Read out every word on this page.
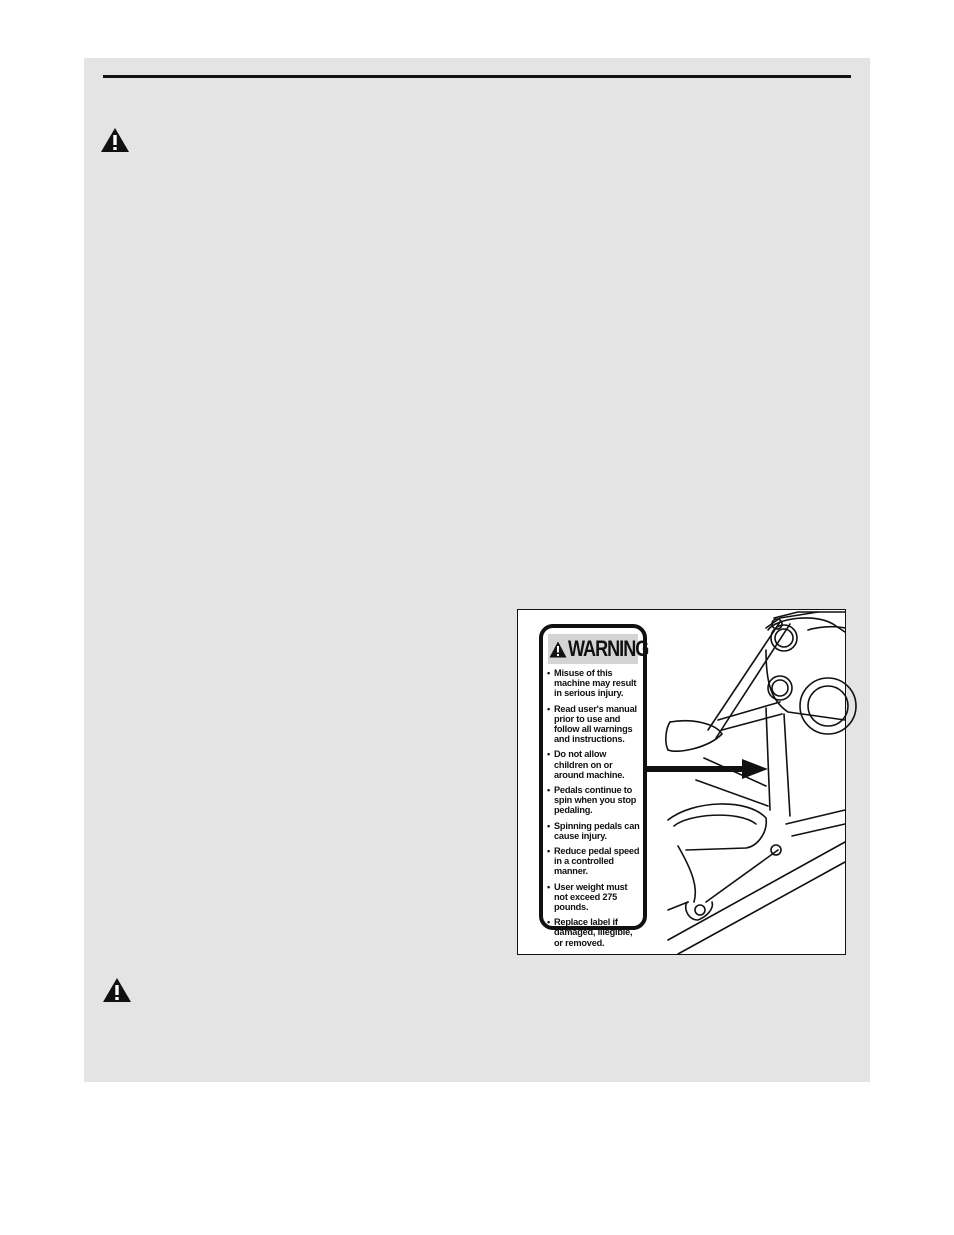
WARNING
• Misuse of this machine may result in serious injury.
• Read user's manual prior to use and follow all warnings and instructions.
• Do not allow children on or around machine.
• Pedals continue to spin when you stop pedaling.
• Spinning pedals can cause injury.
• Reduce pedal speed in a controlled manner.
• User weight must not exceed 275 pounds.
• Replace label if damaged, illegible, or removed.
